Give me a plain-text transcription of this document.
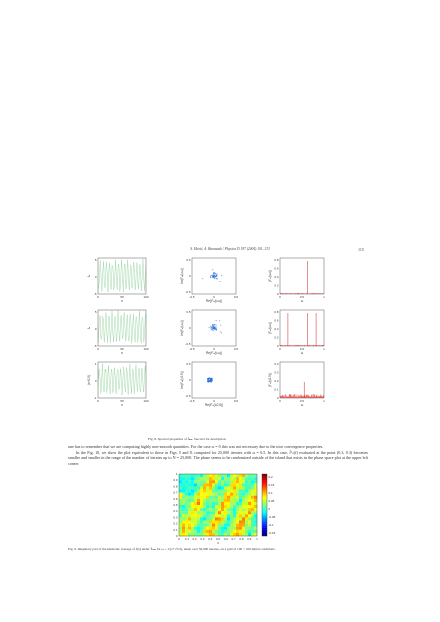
S. Mezić, A. Banaszuk / Physica D 197 (2004) 101–133	115
5
0
-5
0	50	100
n
fₙ
0.5
0
-0.5
-0.5	0	0.5
Re(fᵀₙ(t,ω))
Im(fᵀₙ(t,ω))
0.8
0.6
0.4
0.2
0
0	0.5	1
ω
|fᵀₙ(t,ω)|
5
0
-5
0	50	100
n
fₙ
0.5
0
-0.5
-0.5	0	0.5
Re(fᵀₙ(t,ω))
Im(fᵀₙ(t,ω))
0.8
0.6
0.4
0.2
0
0	0.5	1
ω
|fᵀₙ(t,ω)|
1
0
-1
0	50	100
n
(x+0.5)
0.5
0
-0.5
-0.5	0	0.5
Re(fᵀₙ(t,0.5))
Im(fᵀₙ(t,0.5))
0.4
0.3
0.2
0.1
0
0	0.5	1
ω
|fᵀₙ(t,0.5)|
Fig. 8. Spectral properties of f̃ₙₘ. See text for description.

one has to remember that we are computing highly non-smooth quantities. For the case ω = 0 this was not necessary due to the nice convergence properties.

In the Fig. 10, we show the plot equivalent to those in Figs. 5 and 8, computed for 25,000 iterates with ω = 0.5. In this case, f̃ᵀₙ(f) evaluated at the point (0.3, 0.3) becomes smaller and smaller in the range of the number of iterates up to N = 25,000. The phase seems to be randomized outside of the island that exists in the phase space plot at the upper left corner.

1
0.9
0.8
0.7
0.6
0.5
0.4
0.3
0.2
0.1
0
0 0.1 0.2 0.3 0.4 0.5 0.6 0.7 0.8 0.9 1
x
0.2
0.15
0.1
0.05
0
-0.05
-0.1
-0.15
Fig. 9. Imaginary part of the harmonic average of f(x) under T̃ₙₘ for ω = 1/(1+√5/2), taken over 50,000 iterates, on a grid of 100 × 100 initial conditions.
